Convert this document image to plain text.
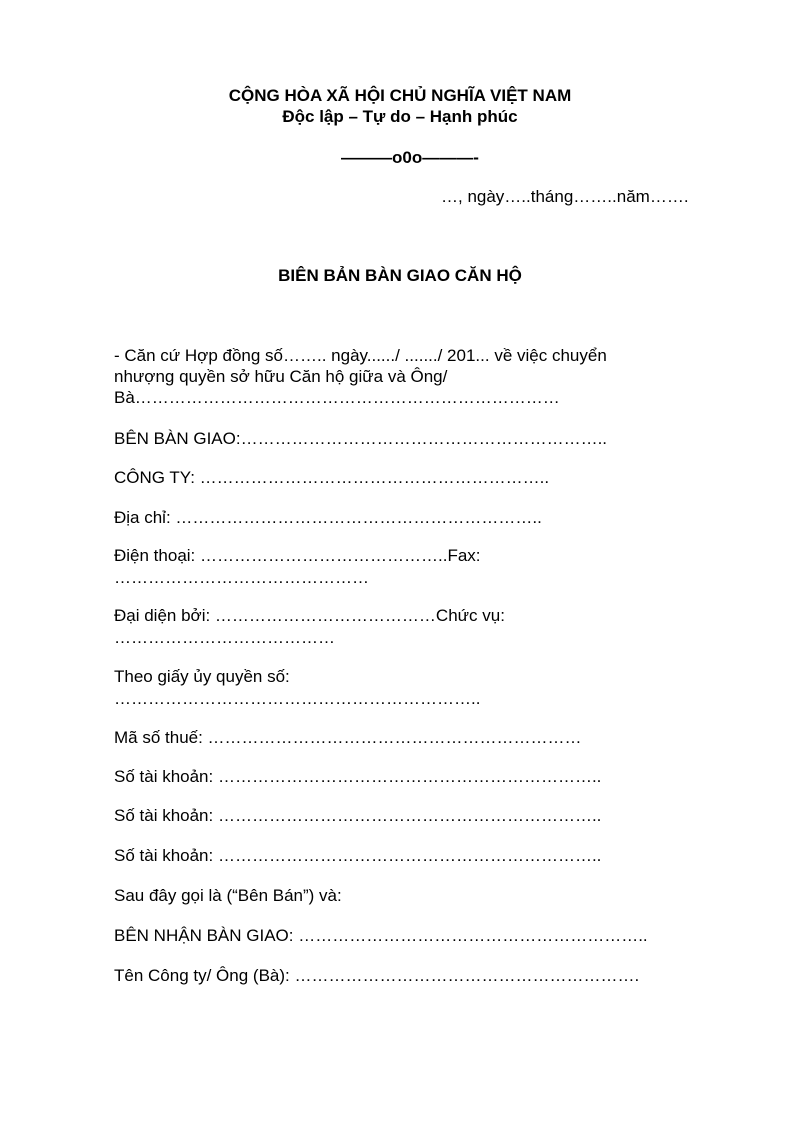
CỘNG HÒA XÃ HỘI CHỦ NGHĨA VIỆT NAM
Độc lập – Tự do – Hạnh phúc
———o0o———-
…, ngày…..tháng……..năm…….
BIÊN BẢN BÀN GIAO CĂN HỘ
- Căn cứ Hợp đồng số…….. ngày....../ ......./ 201... về việc chuyển
nhượng quyền sở hữu Căn hộ giữa và Ông/
Bà…………………………………………………………………
BÊN BÀN GIAO:………………………………………………………..
CÔNG TY: ……………………………………………………..
Địa chỉ: ………………………………………………………..
Điện thoại: ……………………………………..Fax:
………………………………………
Đại diện bởi: …………………………………Chức vụ:
…………………………………
Theo giấy ủy quyền số:
………………………………………………………..
Mã số thuế: …………………………………………………………
Số tài khoản: …………………………………………………………..
Số tài khoản: …………………………………………………………..
Số tài khoản: …………………………………………………………..
Sau đây gọi là (“Bên Bán”) và:
BÊN NHẬN BÀN GIAO: ……………………………………………………..
Tên Công ty/ Ông (Bà): …………………………………………………….
